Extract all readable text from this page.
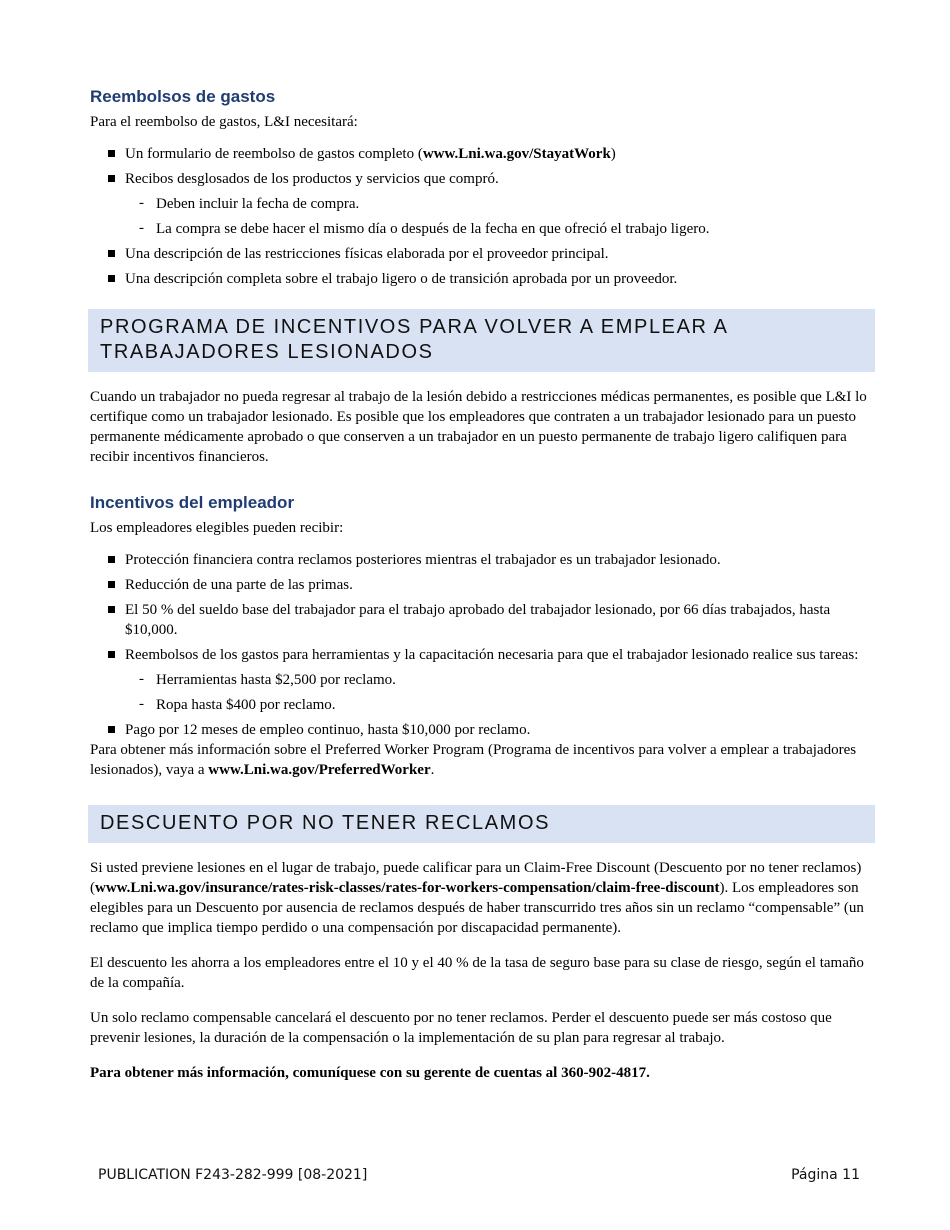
Reembolsos de gastos

Para el reembolso de gastos, L&I necesitará:

Un formulario de reembolso de gastos completo (www.Lni.wa.gov/StayatWork)
Recibos desglosados de los productos y servicios que compró.
- Deben incluir la fecha de compra.
- La compra se debe hacer el mismo día o después de la fecha en que ofreció el trabajo ligero.
Una descripción de las restricciones físicas elaborada por el proveedor principal.
Una descripción completa sobre el trabajo ligero o de transición aprobada por un proveedor.
PROGRAMA DE INCENTIVOS PARA VOLVER A EMPLEAR A
TRABAJADORES LESIONADOS

Cuando un trabajador no pueda regresar al trabajo de la lesión debido a restricciones médicas permanentes, es posible que L&I lo certifique como un trabajador lesionado. Es posible que los empleadores que contraten a un trabajador lesionado para un puesto permanente médicamente aprobado o que conserven a un trabajador en un puesto permanente de trabajo ligero califiquen para recibir incentivos financieros.

Incentivos del empleador

Los empleadores elegibles pueden recibir:

Protección financiera contra reclamos posteriores mientras el trabajador es un trabajador lesionado.
Reducción de una parte de las primas.
El 50 % del sueldo base del trabajador para el trabajo aprobado del trabajador lesionado, por 66 días trabajados, hasta $10,000.
Reembolsos de los gastos para herramientas y la capacitación necesaria para que el trabajador lesionado realice sus tareas:
- Herramientas hasta $2,500 por reclamo.
- Ropa hasta $400 por reclamo.
Pago por 12 meses de empleo continuo, hasta $10,000 por reclamo.

Para obtener más información sobre el Preferred Worker Program (Programa de incentivos para volver a emplear a trabajadores lesionados), vaya a www.Lni.wa.gov/PreferredWorker.

DESCUENTO POR NO TENER RECLAMOS

Si usted previene lesiones en el lugar de trabajo, puede calificar para un Claim-Free Discount (Descuento por no tener reclamos) (www.Lni.wa.gov/insurance/rates-risk-classes/rates-for-workers-compensation/claim-free-discount). Los empleadores son elegibles para un Descuento por ausencia de reclamos después de haber transcurrido tres años sin un reclamo “compensable” (un reclamo que implica tiempo perdido o una compensación por discapacidad permanente).

El descuento les ahorra a los empleadores entre el 10 y el 40 % de la tasa de seguro base para su clase de riesgo, según el tamaño de la compañía.

Un solo reclamo compensable cancelará el descuento por no tener reclamos. Perder el descuento puede ser más costoso que prevenir lesiones, la duración de la compensación o la implementación de su plan para regresar al trabajo.

Para obtener más información, comuníquese con su gerente de cuentas al 360-902-4817.

PUBLICATION F243-282-999 [08-2021]	Página 11
